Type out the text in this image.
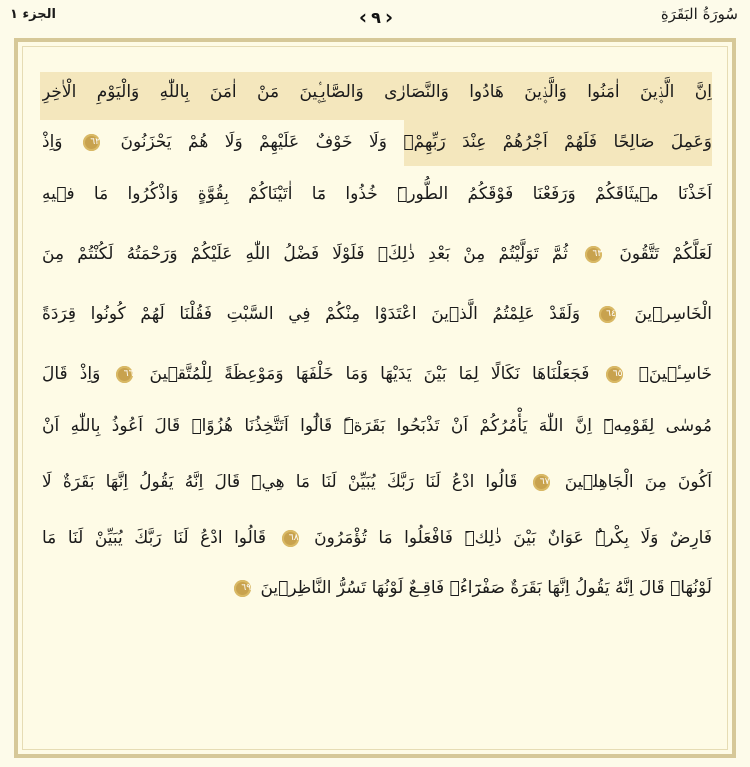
الجزء ١	‹ ٩ ›	سُورَةُ البَقَرَةِ
اِنَّ الَّذ۪ينَ اٰمَنُوا وَالَّذ۪ينَ هَادُوا وَالنَّصَارٰى وَالصَّابِـ۪ٔينَ مَنْ اٰمَنَ بِاللّٰهِ وَالْيَوْمِ الْاٰخِرِ
وَعَمِلَ صَالِحًا فَلَهُمْ اَجْرُهُمْ عِنْدَ رَبِّهِمْۚ وَلَا خَوْفٌ عَلَيْهِمْ وَلَا هُمْ يَحْزَنُونَ ٦٢ وَاِذْ
اَخَذْنَا م۪يثَاقَكُمْ وَرَفَعْنَا فَوْقَكُمُ الطُّورَۜ خُذُوا مَٓا اٰتَيْنَاكُمْ بِقُوَّةٍ وَاذْكُرُوا مَا ف۪يهِ
لَعَلَّكُمْ تَتَّقُونَ ٦٣ ثُمَّ تَوَلَّيْتُمْ مِنْ بَعْدِ ذٰلِكَۚ فَلَوْلَا فَضْلُ اللّٰهِ عَلَيْكُمْ وَرَحْمَتُهُ لَكُنْتُمْ مِنَ
الْخَاسِر۪ينَ ٦٤ وَلَقَدْ عَلِمْتُمُ الَّذ۪ينَ اعْتَدَوْا مِنْكُمْ فِي السَّبْتِ فَقُلْنَا لَهُمْ كُونُوا قِرَدَةً
خَاسِـ۪ٔينَۚ ٦٥ فَجَعَلْنَاهَا نَكَالًا لِمَا بَيْنَ يَدَيْهَا وَمَا خَلْفَهَا وَمَوْعِظَةً لِلْمُتَّق۪ينَ ٦٦ وَاِذْ قَالَ
مُوسٰى لِقَوْمِه۪ٓ اِنَّ اللّٰهَ يَأْمُرُكُمْ اَنْ تَذْبَحُوا بَقَرَةًۜ قَالُٓوا اَتَتَّخِذُنَا هُزُوًاۜ قَالَ اَعُوذُ بِاللّٰهِ اَنْ
اَكُونَ مِنَ الْجَاهِل۪ينَ ٦٧ قَالُوا ادْعُ لَنَا رَبَّكَ يُبَيِّنْ لَنَا مَا هِيَۜ قَالَ اِنَّهُ يَقُولُ اِنَّهَا بَقَرَةٌ لَا
فَارِضٌ وَلَا بِكْرٌۜ عَوَانٌ بَيْنَ ذٰلِكَۜ فَافْعَلُوا مَا تُؤْمَرُونَ ٦٨ قَالُوا ادْعُ لَنَا رَبَّكَ يُبَيِّنْ لَنَا مَا
لَوْنُهَاۜ قَالَ اِنَّهُ يَقُولُ اِنَّهَا بَقَرَةٌ صَفْرَٓاءُۙ فَاقِـعٌ لَوْنُهَا تَسُرُّ النَّاظِر۪ينَ ٦٩
